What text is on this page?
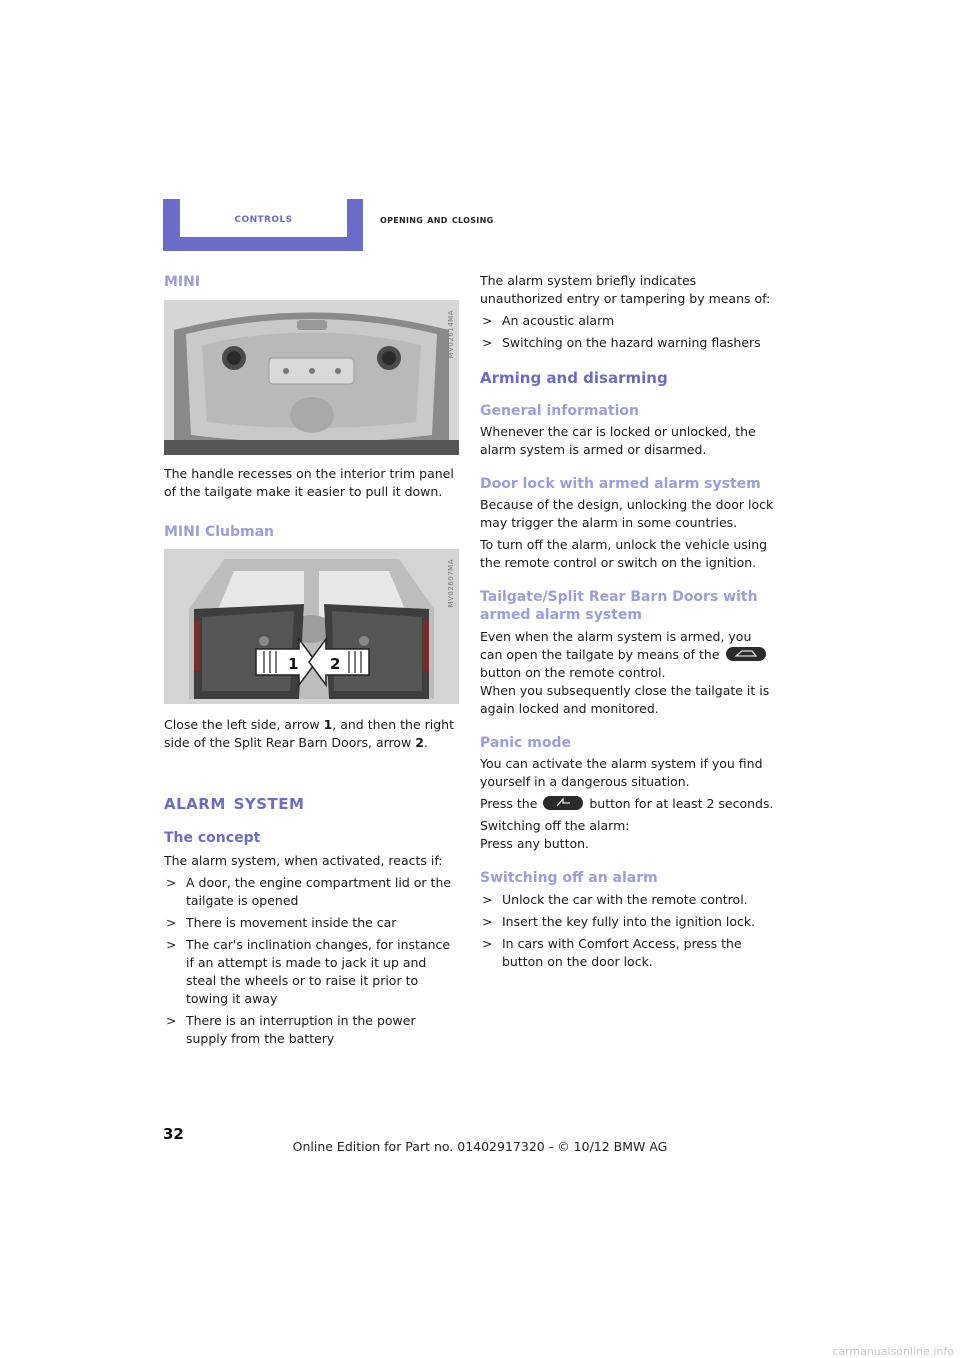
controls	opening and closing
MINI
MV02614MA

The handle recesses on the interior trim panel of the tailgate make it easier to pull it down.

MINI Clubman
1 2
MV02607MA

Close the left side, arrow 1, and then the right side of the Split Rear Barn Doors, arrow 2.

alarm system
The concept

The alarm system, when activated, reacts if:

> A door, the engine compartment lid or the tailgate is opened
> There is movement inside the car
> The car's inclination changes, for instance if an attempt is made to jack it up and steal the wheels or to raise it prior to towing it away
> There is an interruption in the power supply from the battery

The alarm system briefly indicates unauthorized entry or tampering by means of:

> An acoustic alarm
> Switching on the hazard warning flashers
Arming and disarming
General information

Whenever the car is locked or unlocked, the alarm system is armed or disarmed.

Door lock with armed alarm system

Because of the design, unlocking the door lock may trigger the alarm in some countries.

To turn off the alarm, unlock the vehicle using the remote control or switch on the ignition.

Tailgate/Split Rear Barn Doors with armed alarm system

Even when the alarm system is armed, you can open the tailgate by means of the  button on the remote control.

When you subsequently close the tailgate it is again locked and monitored.

Panic mode

You can activate the alarm system if you find yourself in a dangerous situation.

Press the	button for at least 2 seconds.

Switching off the alarm:

Press any button.

Switching off an alarm
> Unlock the car with the remote control.
> Insert the key fully into the ignition lock.
> In cars with Comfort Access, press the button on the door lock.
32
Online Edition for Part no. 01402917320 - © 10/12 BMW AG
carmanualsonline.info
